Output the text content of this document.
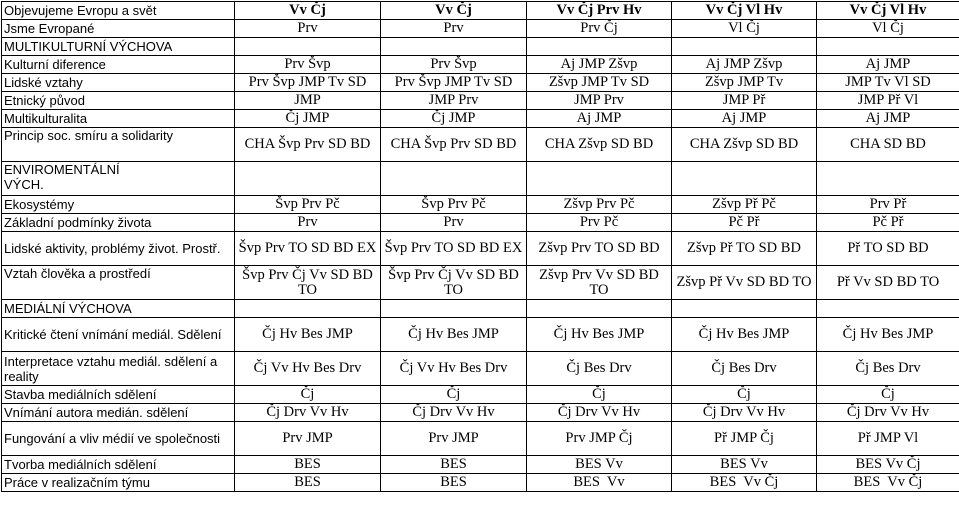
Objevujeme Evropu a svět	Vv Čj	Vv Čj	Vv Čj Prv Hv	Vv Čj Vl Hv	Vv Čj Vl Hv
Jsme Evropané	Prv	Prv	Prv Čj	Vl Čj	Vl Čj
MULTIKULTURNÍ VÝCHOVA					
Kulturní diference	Prv Švp	Prv Švp	Aj JMP Zšvp	Aj JMP Zšvp	Aj JMP
Lidské vztahy	Prv Švp JMP Tv SD	Prv Švp JMP Tv SD	Zšvp JMP Tv SD	Zšvp JMP Tv	JMP Tv Vl SD
Etnický původ	JMP	JMP Prv	JMP Prv	JMP Př	JMP Př Vl
Multikulturalita	Čj JMP	Čj JMP	Aj JMP	Aj JMP	Aj JMP
Princip soc. smíru a solidarity	CHA Švp Prv SD BD	CHA Švp Prv SD BD	CHA Zšvp SD BD	CHA Zšvp SD BD	CHA SD BD
ENVIROMENTÁLNÍ VÝCH.					
Ekosystémy	Švp Prv Pč	Švp Prv Pč	Zšvp Prv Pč	Zšvp Př Pč	Prv Př
Základní podmínky života	Prv	Prv	Prv Pč	Pč Př	Pč Př
Lidské aktivity, problémy život. Prostř.	Švp Prv TO SD BD EX	Švp Prv TO SD BD EX	Zšvp Prv TO SD BD	Zšvp Př TO SD BD	Př TO SD BD
Vztah člověka a prostředí	Švp Prv Čj Vv SD BD TO	Švp Prv Čj Vv SD BD TO	Zšvp Prv Vv SD BD TO	Zšvp Př Vv SD BD TO	Př Vv SD BD TO
MEDIÁLNÍ VÝCHOVA					
Kritické čtení vnímání mediál. Sdělení	Čj Hv Bes JMP	Čj Hv Bes JMP	Čj Hv Bes JMP	Čj Hv Bes JMP	Čj Hv Bes JMP
Interpretace vztahu mediál. sdělení a reality	Čj Vv Hv Bes Drv	Čj Vv Hv Bes Drv	Čj Bes Drv	Čj Bes Drv	Čj Bes Drv
Stavba mediálních sdělení	Čj	Čj	Čj	Čj	Čj
Vnímání autora medián. sdělení	Čj Drv Vv Hv	Čj Drv Vv Hv	Čj Drv Vv Hv	Čj Drv Vv Hv	Čj Drv Vv Hv
Fungování a vliv médií ve společnosti	Prv JMP	Prv JMP	Prv JMP Čj	Př JMP Čj	Př JMP Vl
Tvorba mediálních sdělení	BES	BES	BES Vv	BES Vv	BES Vv Čj
Práce v realizačním týmu	BES	BES	BES  Vv	BES  Vv Čj	BES  Vv Čj
